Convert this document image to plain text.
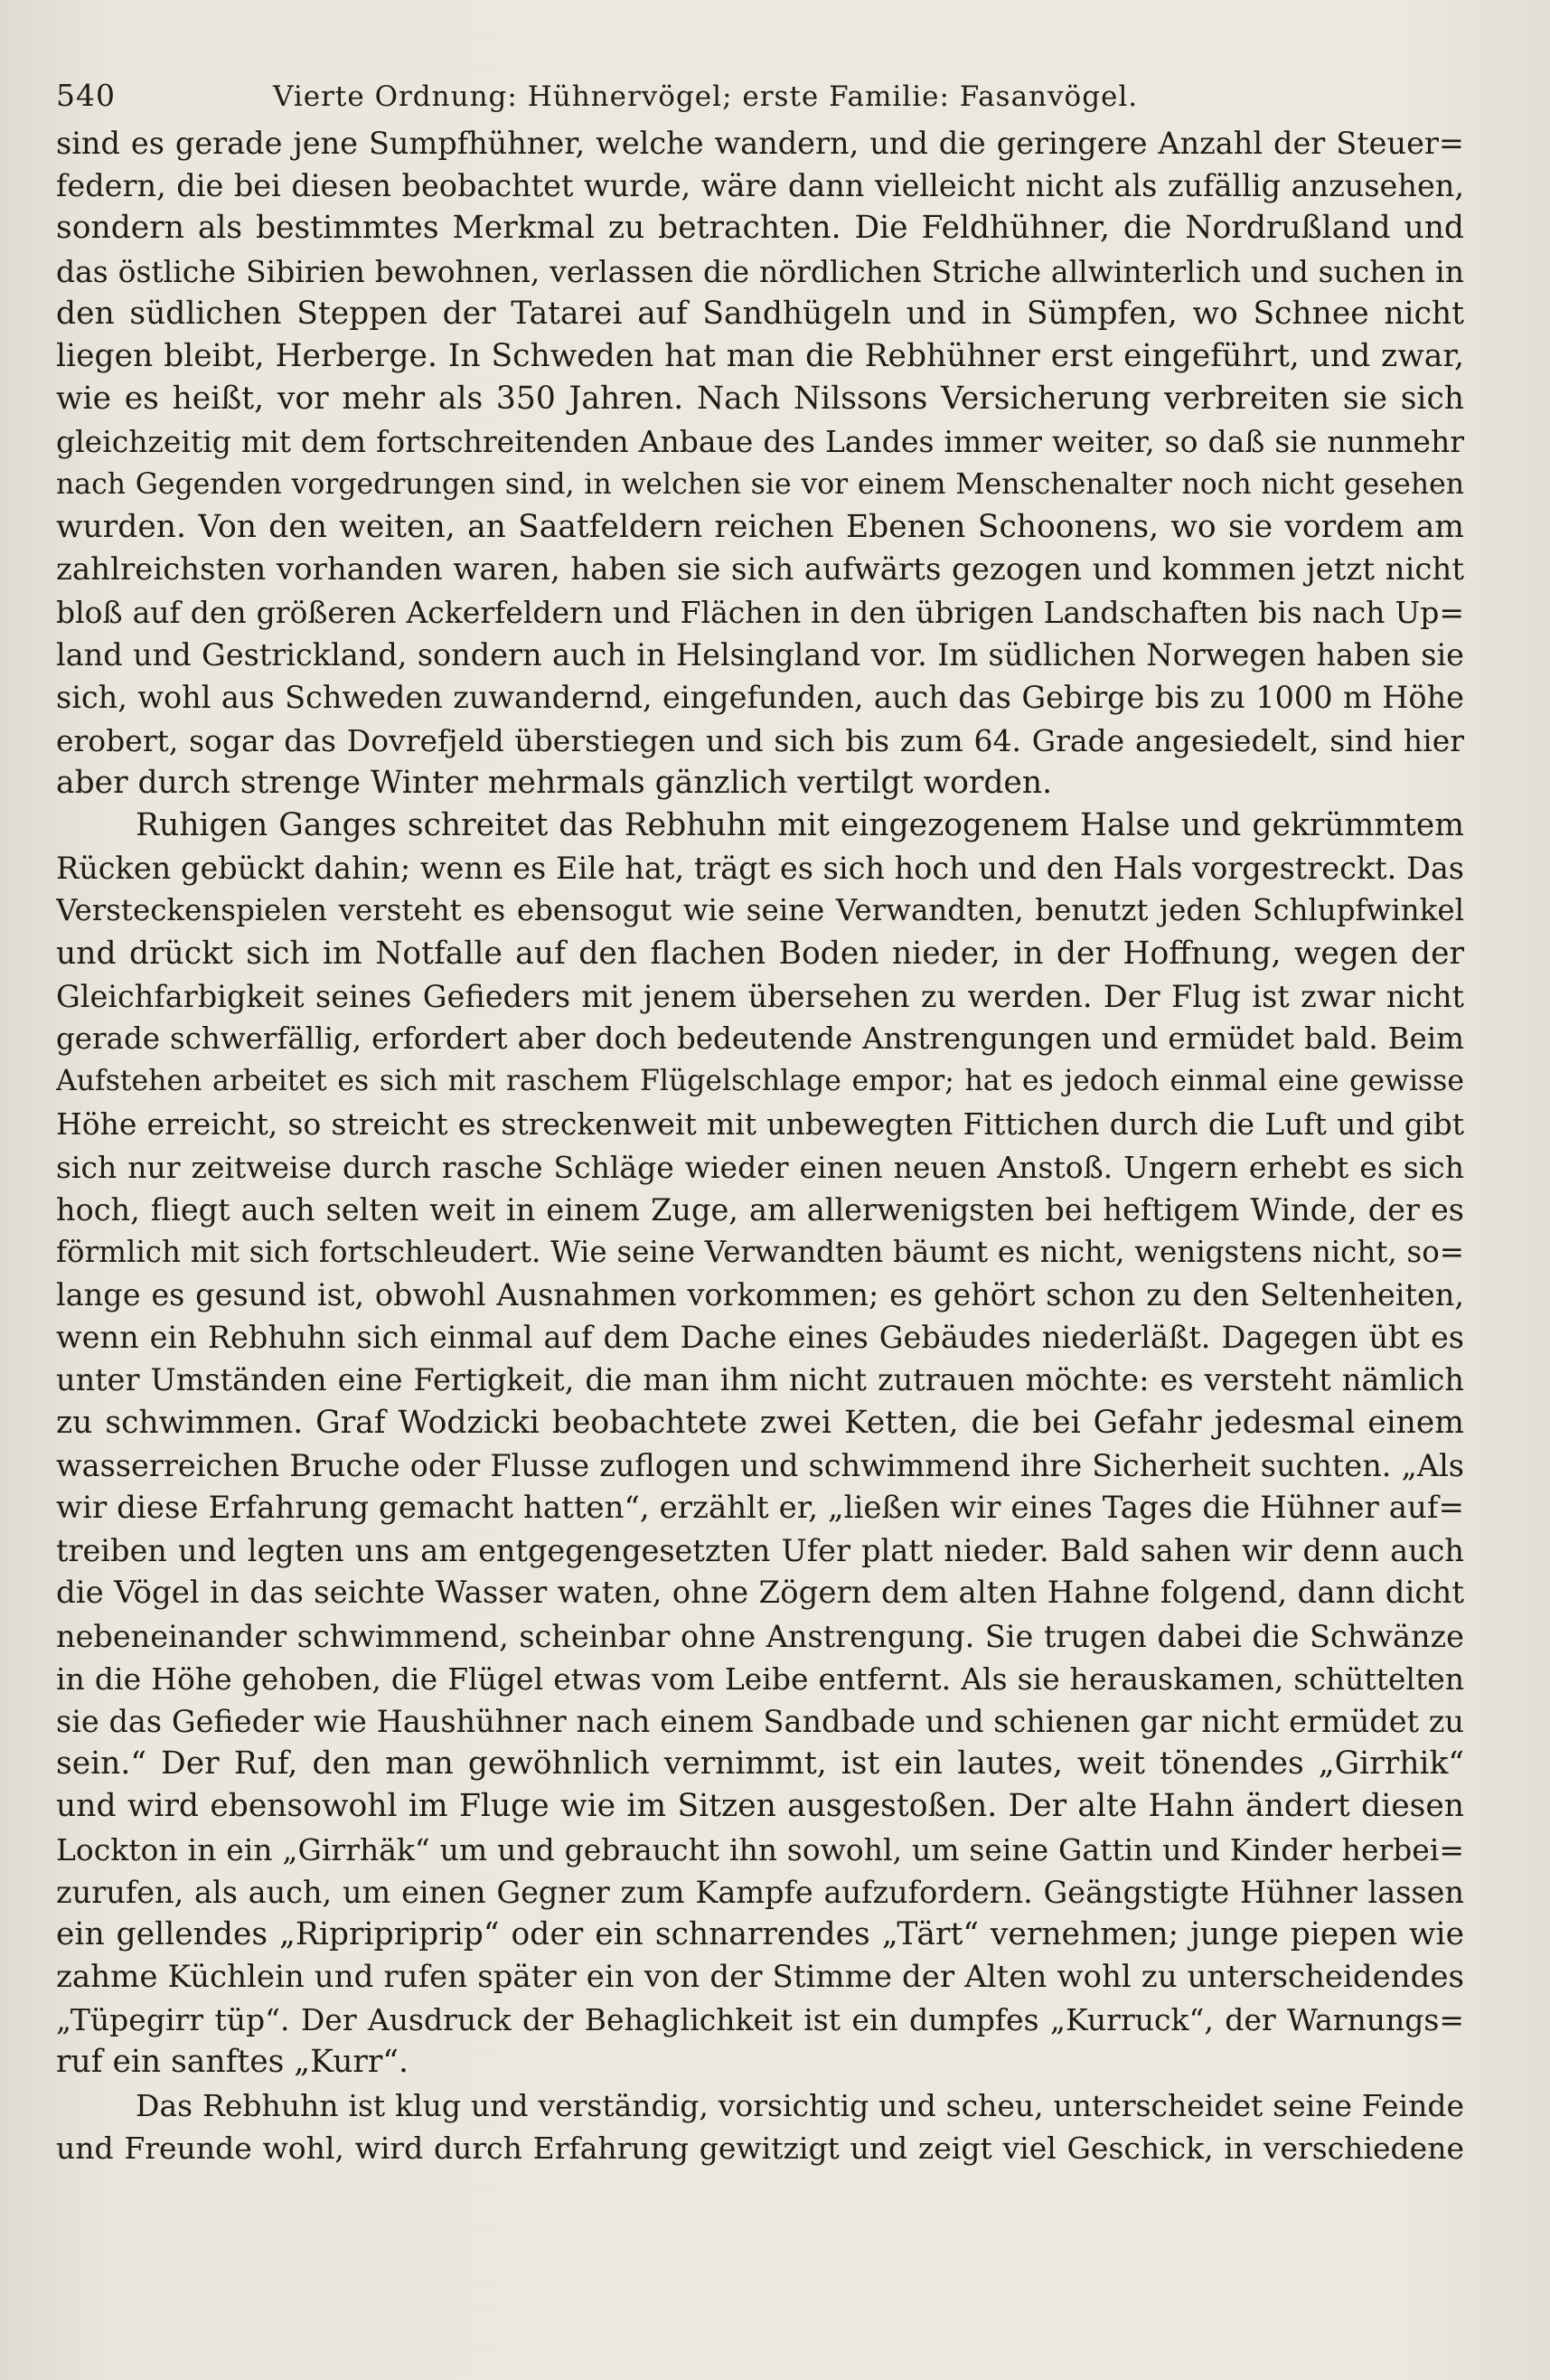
540	Vierte Ordnung: Hühnervögel; erste Familie: Fasanvögel.
sind es gerade jene Sumpfhühner, welche wandern, und die geringere Anzahl der Steuer=
federn, die bei diesen beobachtet wurde, wäre dann vielleicht nicht als zufällig anzusehen,
sondern als bestimmtes Merkmal zu betrachten. Die Feldhühner, die Nordrußland und
das östliche Sibirien bewohnen, verlassen die nördlichen Striche allwinterlich und suchen in
den südlichen Steppen der Tatarei auf Sandhügeln und in Sümpfen, wo Schnee nicht
liegen bleibt, Herberge. In Schweden hat man die Rebhühner erst eingeführt, und zwar,
wie es heißt, vor mehr als 350 Jahren. Nach Nilssons Versicherung verbreiten sie sich
gleichzeitig mit dem fortschreitenden Anbaue des Landes immer weiter, so daß sie nunmehr
nach Gegenden vorgedrungen sind, in welchen sie vor einem Menschenalter noch nicht gesehen
wurden. Von den weiten, an Saatfeldern reichen Ebenen Schoonens, wo sie vordem am
zahlreichsten vorhanden waren, haben sie sich aufwärts gezogen und kommen jetzt nicht
bloß auf den größeren Ackerfeldern und Flächen in den übrigen Landschaften bis nach Up=
land und Gestrickland, sondern auch in Helsingland vor. Im südlichen Norwegen haben sie
sich, wohl aus Schweden zuwandernd, eingefunden, auch das Gebirge bis zu 1000 m Höhe
erobert, sogar das Dovrefjeld überstiegen und sich bis zum 64. Grade angesiedelt, sind hier
aber durch strenge Winter mehrmals gänzlich vertilgt worden.
Ruhigen Ganges schreitet das Rebhuhn mit eingezogenem Halse und gekrümmtem
Rücken gebückt dahin; wenn es Eile hat, trägt es sich hoch und den Hals vorgestreckt. Das
Versteckenspielen versteht es ebensogut wie seine Verwandten, benutzt jeden Schlupfwinkel
und drückt sich im Notfalle auf den flachen Boden nieder, in der Hoffnung, wegen der
Gleichfarbigkeit seines Gefieders mit jenem übersehen zu werden. Der Flug ist zwar nicht
gerade schwerfällig, erfordert aber doch bedeutende Anstrengungen und ermüdet bald. Beim
Aufstehen arbeitet es sich mit raschem Flügelschlage empor; hat es jedoch einmal eine gewisse
Höhe erreicht, so streicht es streckenweit mit unbewegten Fittichen durch die Luft und gibt
sich nur zeitweise durch rasche Schläge wieder einen neuen Anstoß. Ungern erhebt es sich
hoch, fliegt auch selten weit in einem Zuge, am allerwenigsten bei heftigem Winde, der es
förmlich mit sich fortschleudert. Wie seine Verwandten bäumt es nicht, wenigstens nicht, so=
lange es gesund ist, obwohl Ausnahmen vorkommen; es gehört schon zu den Seltenheiten,
wenn ein Rebhuhn sich einmal auf dem Dache eines Gebäudes niederläßt. Dagegen übt es
unter Umständen eine Fertigkeit, die man ihm nicht zutrauen möchte: es versteht nämlich
zu schwimmen. Graf Wodzicki beobachtete zwei Ketten, die bei Gefahr jedesmal einem
wasserreichen Bruche oder Flusse zuflogen und schwimmend ihre Sicherheit suchten. „Als
wir diese Erfahrung gemacht hatten“, erzählt er, „ließen wir eines Tages die Hühner auf=
treiben und legten uns am entgegengesetzten Ufer platt nieder. Bald sahen wir denn auch
die Vögel in das seichte Wasser waten, ohne Zögern dem alten Hahne folgend, dann dicht
nebeneinander schwimmend, scheinbar ohne Anstrengung. Sie trugen dabei die Schwänze
in die Höhe gehoben, die Flügel etwas vom Leibe entfernt. Als sie herauskamen, schüttelten
sie das Gefieder wie Haushühner nach einem Sandbade und schienen gar nicht ermüdet zu
sein.“ Der Ruf, den man gewöhnlich vernimmt, ist ein lautes, weit tönendes „Girrhik“
und wird ebensowohl im Fluge wie im Sitzen ausgestoßen. Der alte Hahn ändert diesen
Lockton in ein „Girrhäk“ um und gebraucht ihn sowohl, um seine Gattin und Kinder herbei=
zurufen, als auch, um einen Gegner zum Kampfe aufzufordern. Geängstigte Hühner lassen
ein gellendes „Ripripriprip“ oder ein schnarrendes „Tärt“ vernehmen; junge piepen wie
zahme Küchlein und rufen später ein von der Stimme der Alten wohl zu unterscheidendes
„Tüpegirr tüp“. Der Ausdruck der Behaglichkeit ist ein dumpfes „Kurruck“, der Warnungs=
ruf ein sanftes „Kurr“.
Das Rebhuhn ist klug und verständig, vorsichtig und scheu, unterscheidet seine Feinde
und Freunde wohl, wird durch Erfahrung gewitzigt und zeigt viel Geschick, in verschiedene
